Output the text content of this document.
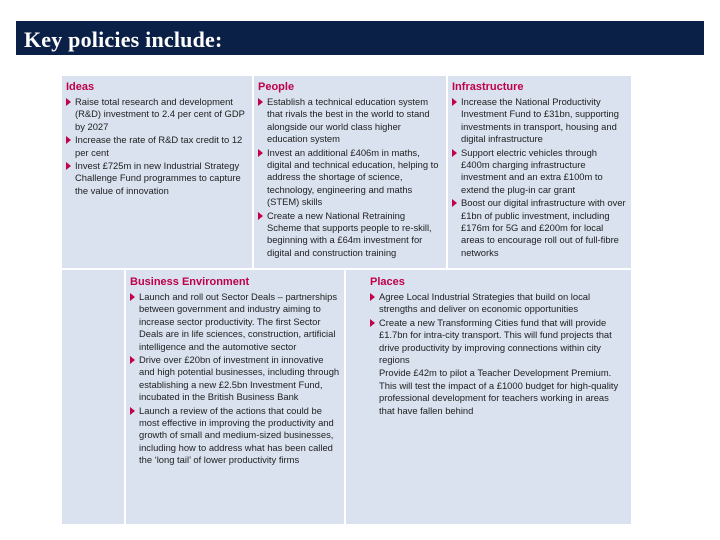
Key policies include:
Ideas
Raise total research and development (R&D) investment to 2.4 per cent of GDP by 2027
Increase the rate of R&D tax credit to 12 per cent
Invest £725m in new Industrial Strategy Challenge Fund programmes to capture the value of innovation
People
Establish a technical education system that rivals the best in the world to stand alongside our world class higher education system
Invest an additional £406m in maths, digital and technical education, helping to address the shortage of science, technology, engineering and maths (STEM) skills
Create a new National Retraining Scheme that supports people to re-skill, beginning with a £64m investment for digital and construction training
Infrastructure
Increase the National Productivity Investment Fund to £31bn, supporting investments in transport, housing and digital infrastructure
Support electric vehicles through £400m charging infrastructure investment and an extra £100m to extend the plug-in car grant
Boost our digital infrastructure with over £1bn of public investment, including £176m for 5G and £200m for local areas to encourage roll out of full-fibre networks
Business Environment
Launch and roll out Sector Deals – partnerships between government and industry aiming to increase sector productivity. The first Sector Deals are in life sciences, construction, artificial intelligence and the automotive sector
Drive over £20bn of investment in innovative and high potential businesses, including through establishing a new £2.5bn Investment Fund, incubated in the British Business Bank
Launch a review of the actions that could be most effective in improving the productivity and growth of small and medium-sized businesses, including how to address what has been called the ‘long tail’ of lower productivity firms
Places
Agree Local Industrial Strategies that build on local strengths and deliver on economic opportunities
Create a new Transforming Cities fund that will provide £1.7bn for intra-city transport. This will fund projects that drive productivity by improving connections within city regions

Provide £42m to pilot a Teacher Development Premium. This will test the impact of a £1000 budget for high-quality professional development for teachers working in areas that have fallen behind
